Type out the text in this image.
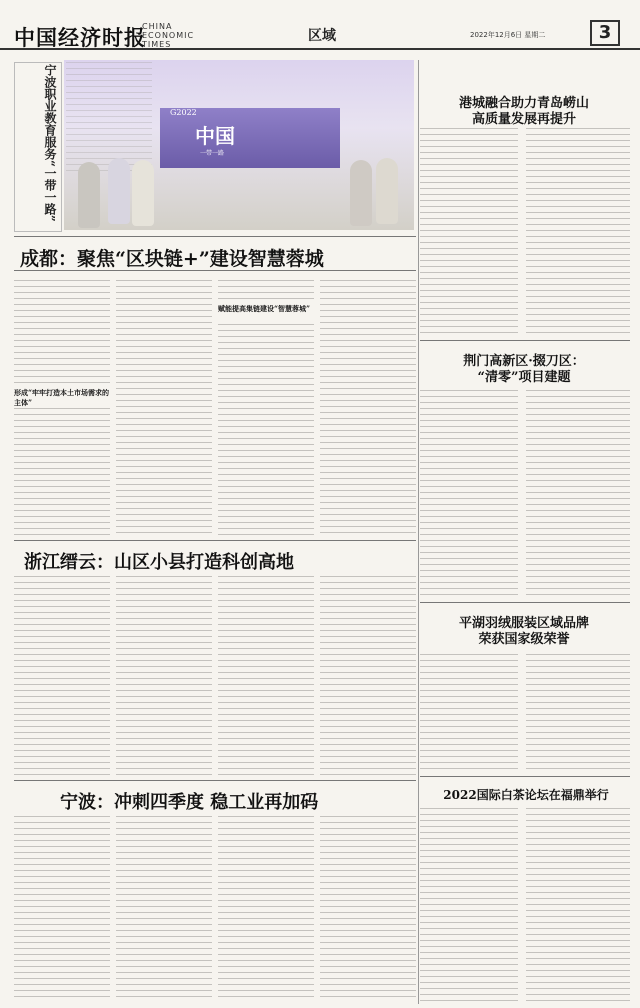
中国经济时报
CHINA
ECONOMIC
TIMES
区域	2022年12月6日 星期二	3
宁波职业教育服务“一带一路”	G2022
中国
一带一路
港城融合助力青岛崂山
高质量发展再提升
成都：聚焦“区块链+”建设智慧蓉城
形成“牢牢打造本土市场需求的主体”
赋能提高集链建设“智慧蓉城”
荆门高新区·掇刀区：
“清零”项目建题
浙江缙云：山区小县打造科创高地
平湖羽绒服装区域品牌
荣获国家级荣誉
宁波：冲刺四季度 稳工业再加码	2022国际白茶论坛在福鼎举行
